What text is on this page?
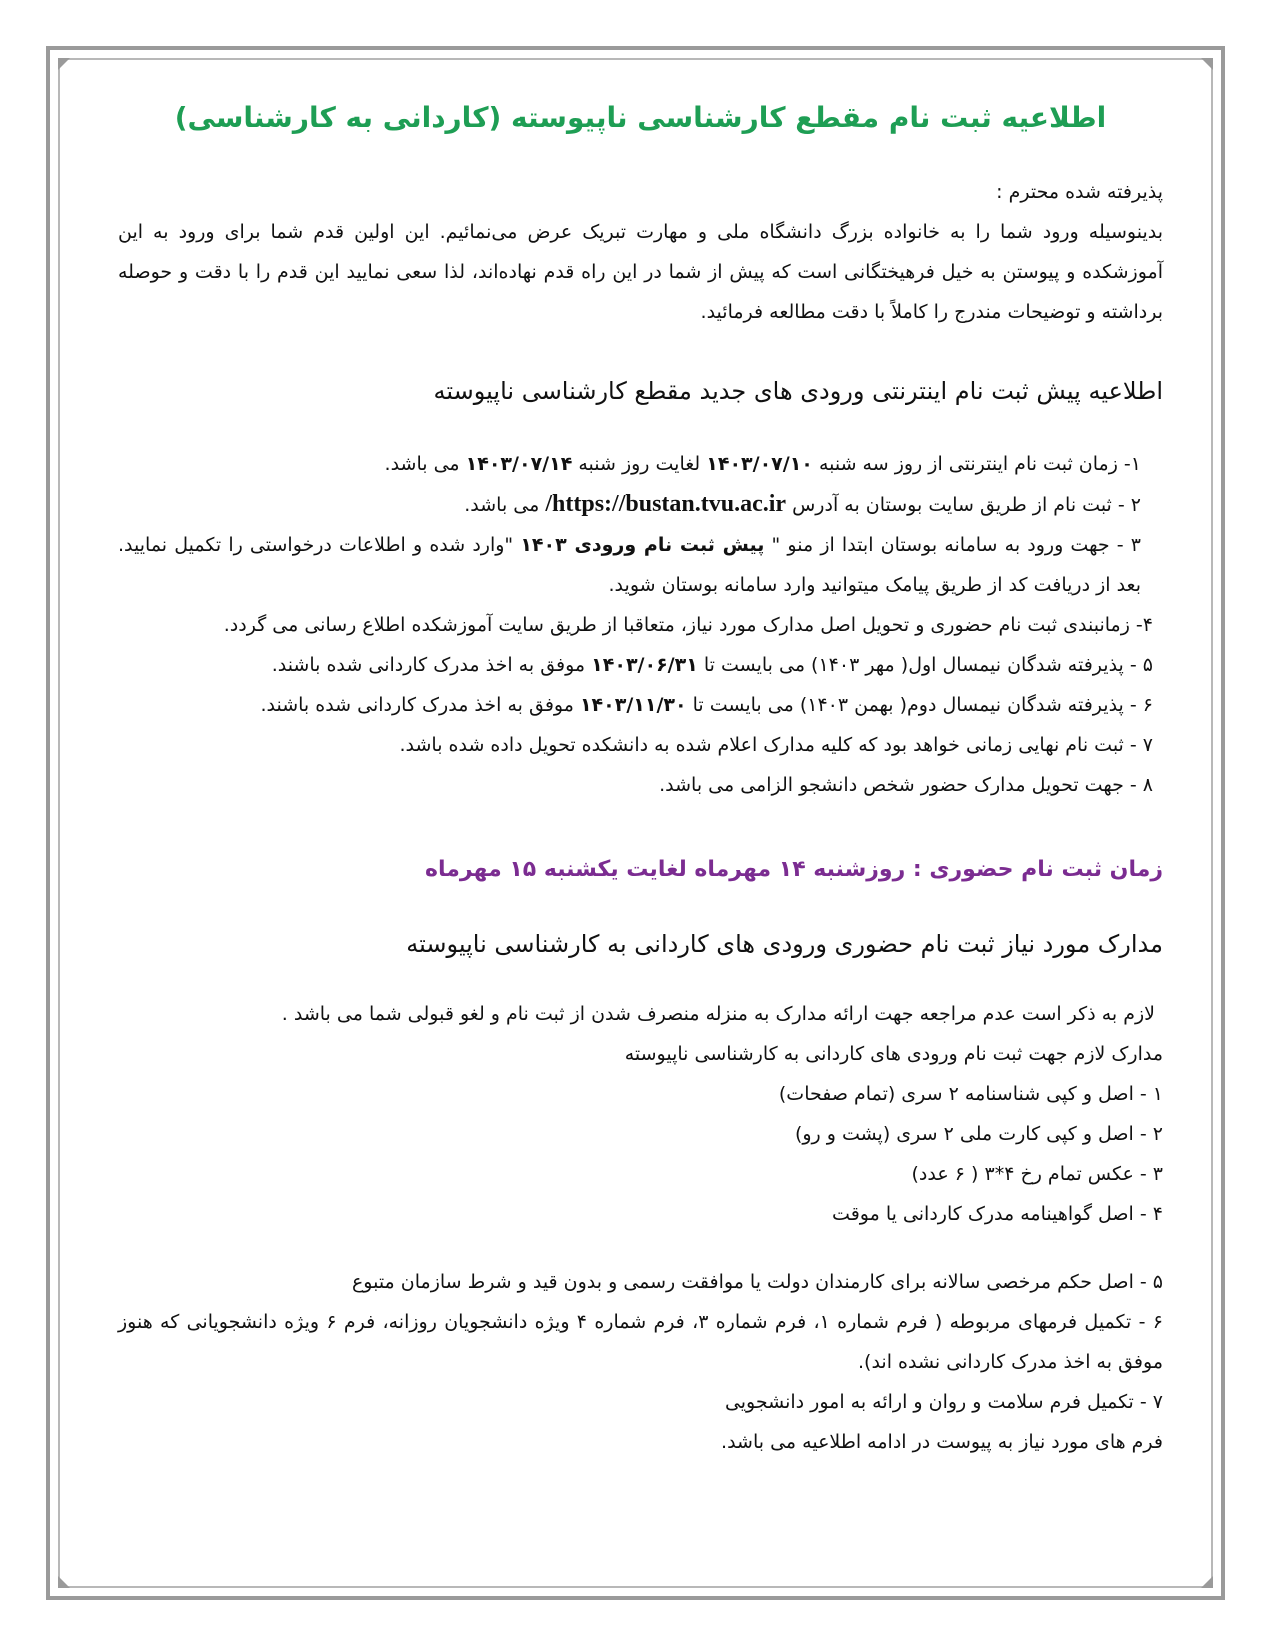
اطلاعیه ثبت نام مقطع کارشناسی ناپیوسته (کاردانی به کارشناسی)
پذیرفته شده محترم :
بدینوسیله ورود شما را به خانواده بزرگ دانشگاه ملی و مهارت تبریک عرض می‌نمائیم. این اولین قدم شما برای ورود به این آموزشکده و پیوستن به خیل فرهیختگانی است که پیش از شما در این راه قدم نهاده‌اند، لذا سعی نمایید این قدم را با دقت و حوصله برداشته و توضیحات مندرج را کاملاً با دقت مطالعه فرمائید.
اطلاعیه پیش ثبت نام اینترنتی ورودی های جدید مقطع کارشناسی ناپیوسته
۱- زمان ثبت نام اینترنتی از روز سه شنبه ۱۴۰۳/۰۷/۱۰ لغایت روز شنبه ۱۴۰۳/۰۷/۱۴ می باشد.
۲ - ثبت نام از طریق سایت بوستان به آدرس https://bustan.tvu.ac.ir/ می باشد.
۳ - جهت ورود به سامانه بوستان ابتدا از منو " پیش ثبت نام ورودی ۱۴۰۳ "وارد شده و اطلاعات درخواستی را تکمیل نمایید. بعد از دریافت کد از طریق پیامک میتوانید وارد سامانه بوستان شوید.
۴- زمانبندی ثبت نام حضوری و تحویل اصل مدارک مورد نیاز، متعاقبا از طریق سایت آموزشکده اطلاع رسانی می گردد.
۵ - پذیرفته شدگان نیمسال اول( مهر ۱۴۰۳) می بایست تا ۱۴۰۳/۰۶/۳۱ موفق به اخذ مدرک کاردانی شده باشند.
۶ - پذیرفته شدگان نیمسال دوم( بهمن ۱۴۰۳) می بایست تا ۱۴۰۳/۱۱/۳۰ موفق به اخذ مدرک کاردانی شده باشند.
۷ - ثبت نام نهایی زمانی خواهد بود که کلیه مدارک اعلام شده به دانشکده تحویل داده شده باشد.
۸ - جهت تحویل مدارک حضور شخص دانشجو الزامی می باشد.
زمان ثبت نام حضوری : روزشنبه ۱۴ مهرماه لغایت یکشنبه ۱۵ مهرماه
مدارک مورد نیاز ثبت نام حضوری ورودی های کاردانی به کارشناسی ناپیوسته
لازم به ذکر است عدم مراجعه جهت ارائه مدارک به منزله منصرف شدن از ثبت نام و لغو قبولی شما می باشد .
مدارک لازم جهت ثبت نام ورودی های کاردانی به کارشناسی ناپیوسته
۱ - اصل و کپی شناسنامه ۲ سری (تمام صفحات)
۲ - اصل و کپی کارت ملی ۲ سری (پشت و رو)
۳ - عکس تمام رخ ۴*۳ ( ۶ عدد)
۴ - اصل گواهینامه مدرک کاردانی یا موقت
۵ - اصل حکم مرخصی سالانه برای کارمندان دولت یا موافقت رسمی و بدون قید و شرط سازمان متبوع
۶ - تکمیل فرمهای مربوطه ( فرم شماره ۱، فرم شماره ۳، فرم شماره ۴ ویژه دانشجویان روزانه، فرم ۶ ویژه دانشجویانی که هنوز موفق به اخذ مدرک کاردانی نشده اند).
۷ - تکمیل فرم سلامت و روان و ارائه به امور دانشجویی
فرم های مورد نیاز به پیوست در ادامه اطلاعیه می باشد.
